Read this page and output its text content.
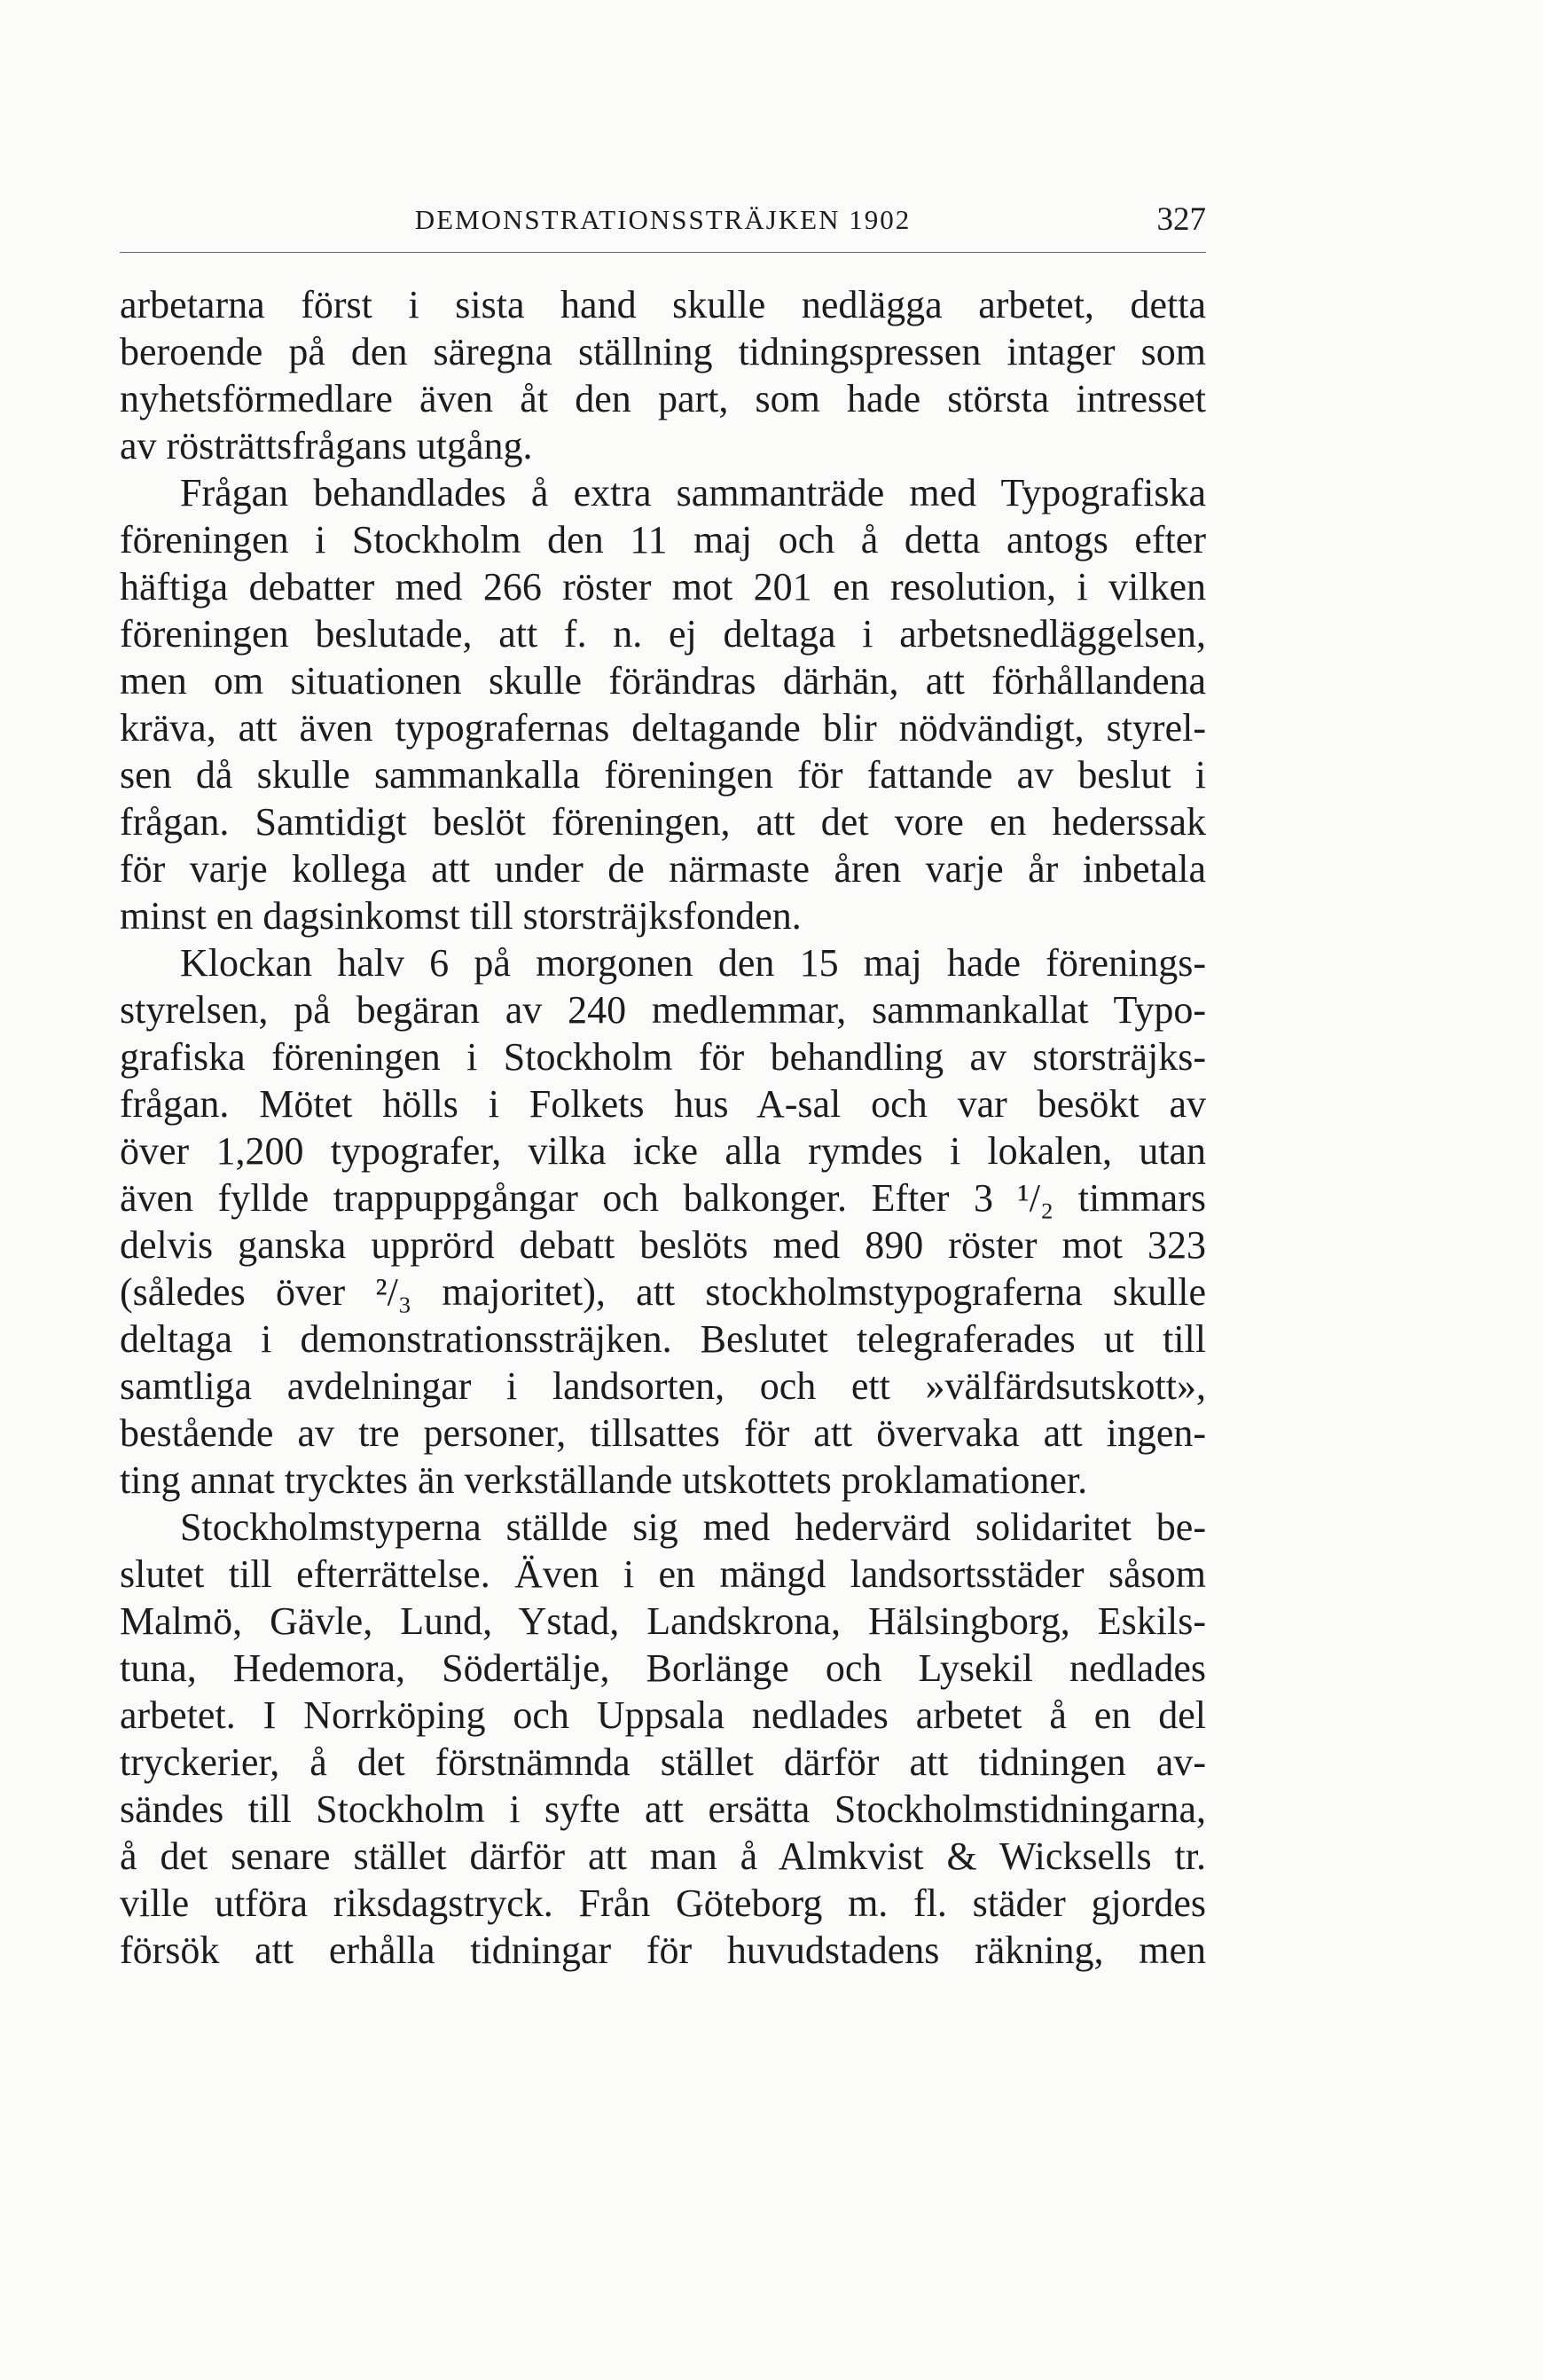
DEMONSTRATIONSSTRÄJKEN 1902	327
arbetarna först i sista hand skulle nedlägga arbetet, detta
beroende på den säregna ställning tidningspressen intager som
nyhetsförmedlare även åt den part, som hade största intresset
av rösträttsfrågans utgång.
Frågan behandlades å extra sammanträde med Typografiska
föreningen i Stockholm den 11 maj och å detta antogs efter
häftiga debatter med 266 röster mot 201 en resolution, i vilken
föreningen beslutade, att f. n. ej deltaga i arbetsnedläggelsen,
men om situationen skulle förändras därhän, att förhållandena
kräva, att även typografernas deltagande blir nödvändigt, styrel-
sen då skulle sammankalla föreningen för fattande av beslut i
frågan. Samtidigt beslöt föreningen, att det vore en hederssak
för varje kollega att under de närmaste åren varje år inbetala
minst en dagsinkomst till storsträjksfonden.
Klockan halv 6 på morgonen den 15 maj hade förenings-
styrelsen, på begäran av 240 medlemmar, sammankallat Typo-
grafiska föreningen i Stockholm för behandling av storsträjks-
frågan. Mötet hölls i Folkets hus A-sal och var besökt av
över 1,200 typografer, vilka icke alla rymdes i lokalen, utan
även fyllde trappuppgångar och balkonger. Efter 3 ¹/₂ timmars
delvis ganska upprörd debatt beslöts med 890 röster mot 323
(således över ²/₃ majoritet), att stockholmstypograferna skulle
deltaga i demonstrationssträjken. Beslutet telegraferades ut till
samtliga avdelningar i landsorten, och ett »välfärdsutskott»,
bestående av tre personer, tillsattes för att övervaka att ingen-
ting annat trycktes än verkställande utskottets proklamationer.
Stockholmstyperna ställde sig med hedervärd solidaritet be-
slutet till efterrättelse. Även i en mängd landsortsstäder såsom
Malmö, Gävle, Lund, Ystad, Landskrona, Hälsingborg, Eskils-
tuna, Hedemora, Södertälje, Borlänge och Lysekil nedlades
arbetet. I Norrköping och Uppsala nedlades arbetet å en del
tryckerier, å det förstnämnda stället därför att tidningen av-
sändes till Stockholm i syfte att ersätta Stockholmstidningarna,
å det senare stället därför att man å Almkvist & Wicksells tr.
ville utföra riksdagstryck. Från Göteborg m. fl. städer gjordes
försök att erhålla tidningar för huvudstadens räkning, men
